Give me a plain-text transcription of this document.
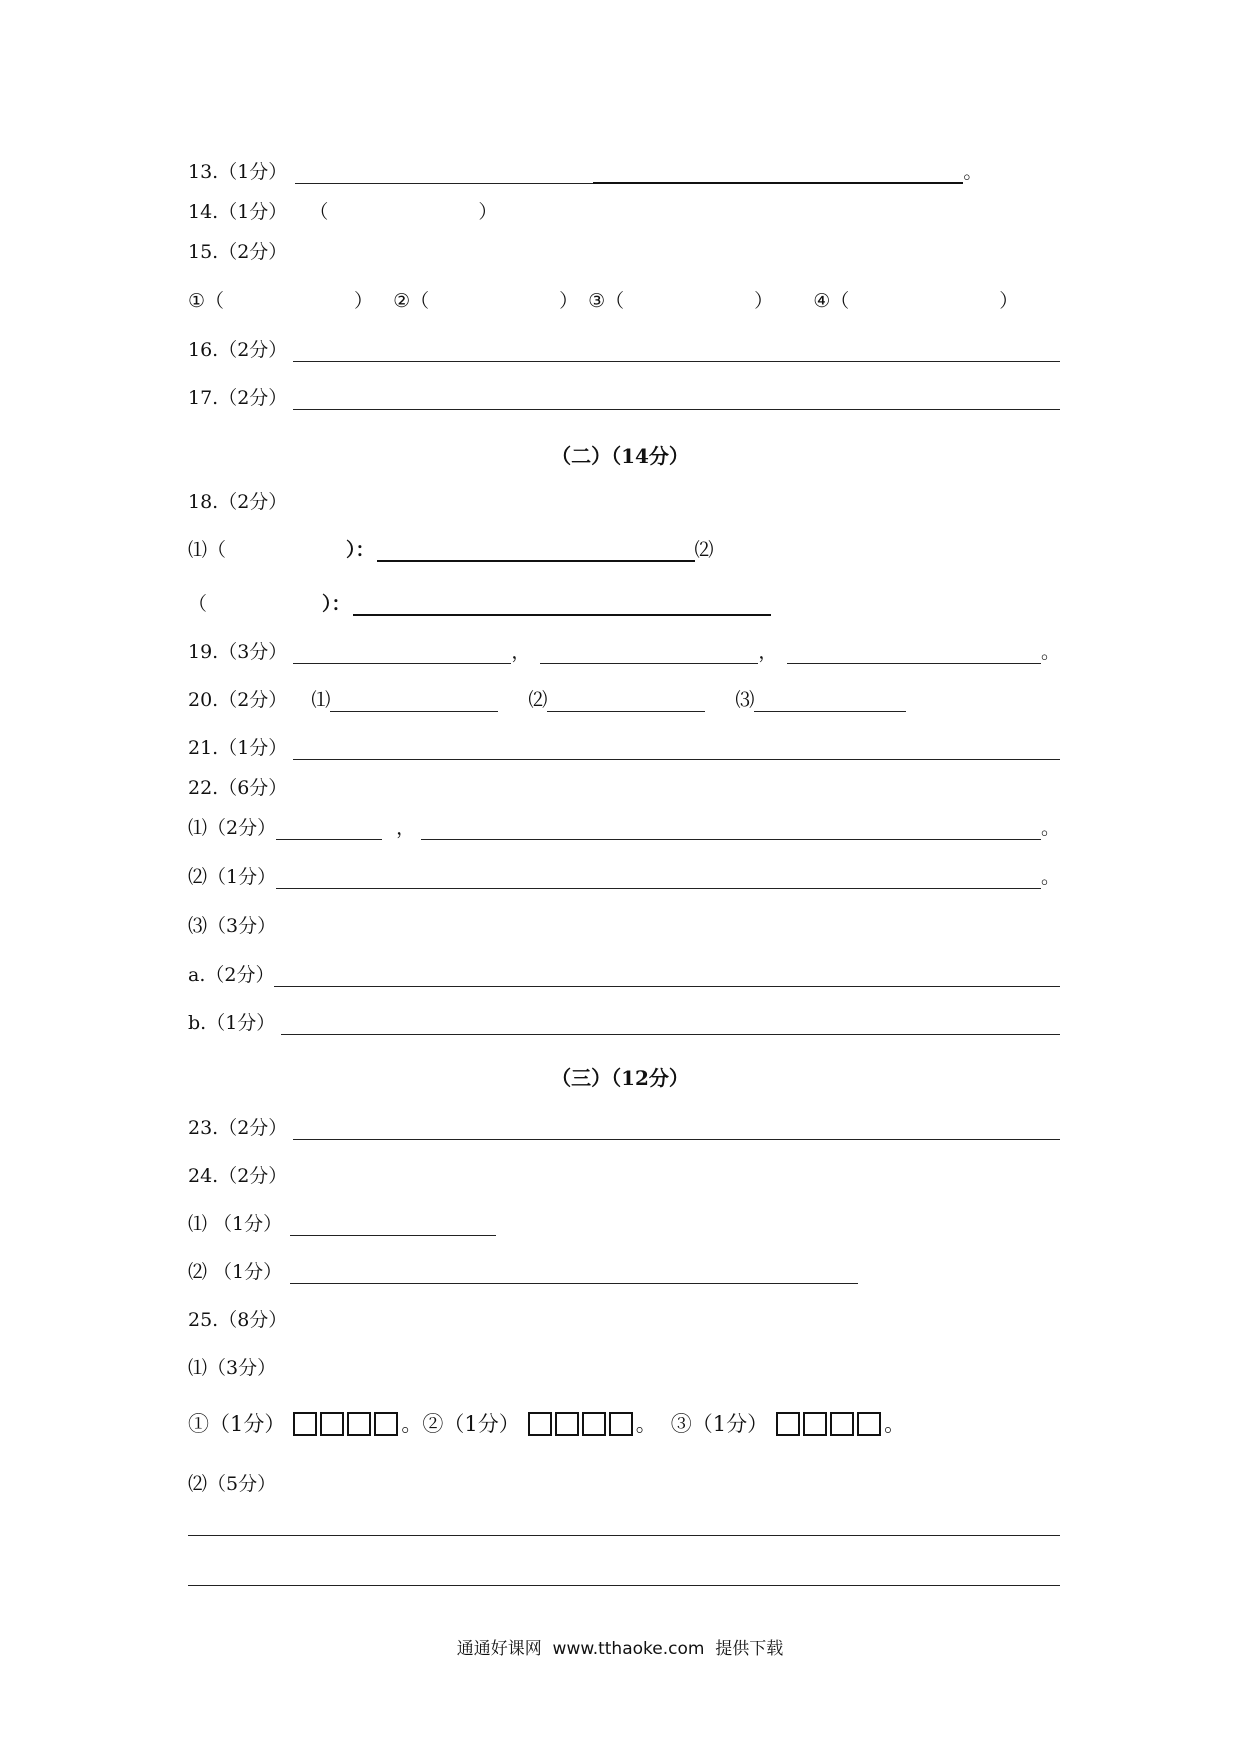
13.（1分）	。
14.（1分） （	）
15.（2分）
①（	） ②（	） ③（	） ④（	）
16.（2分）
17.（2分）
（二）（14分）
18.（2分）
⑴（	）：	⑵
（	）：
19.（3分）	，	，	。
20.（2分） ⑴	⑵	⑶
21.（1分）
22.（6分）
⑴（2分）	，	。
⑵（1分）	。
⑶（3分）
a.（2分）
b.（1分）
（三）（12分）
23.（2分）
24.（2分）
⑴ （1分）
⑵ （1分）
25.（8分）
⑴（3分）
①（1分）	。 ②（1分）	。 ③（1分）	。
⑵（5分）
通通好课网  www.tthaoke.com  提供下载
